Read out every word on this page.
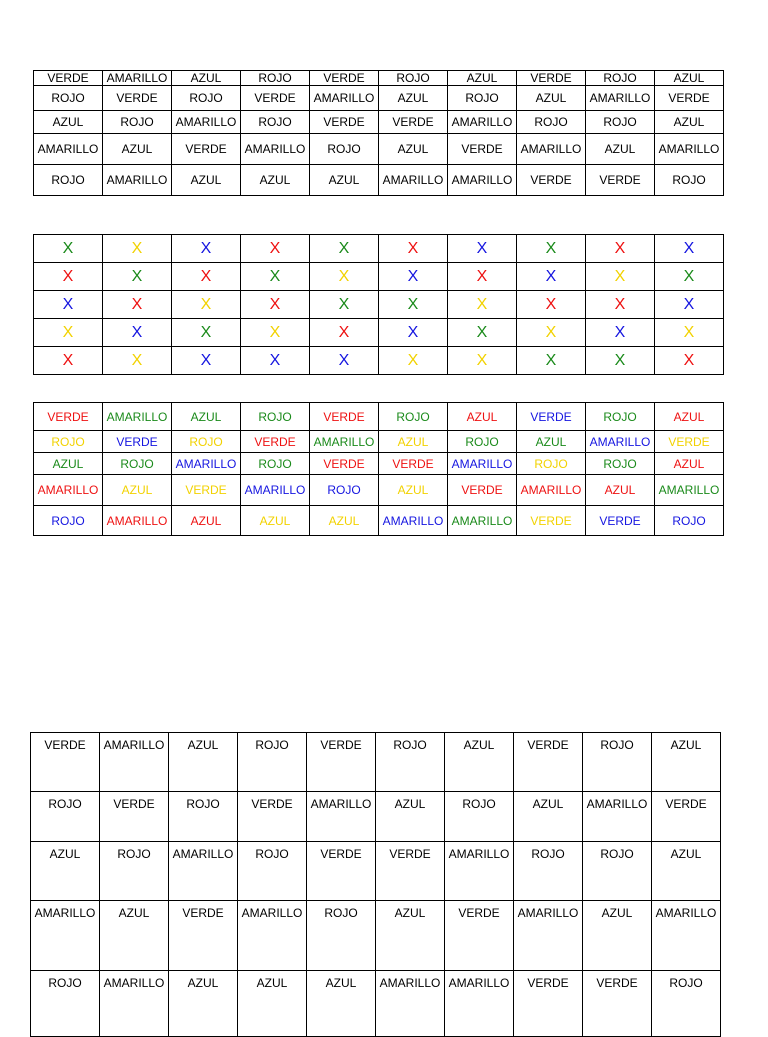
VERDE	AMARILLO	AZUL	ROJO	VERDE	ROJO	AZUL	VERDE	ROJO	AZUL
ROJO	VERDE	ROJO	VERDE	AMARILLO	AZUL	ROJO	AZUL	AMARILLO	VERDE
AZUL	ROJO	AMARILLO	ROJO	VERDE	VERDE	AMARILLO	ROJO	ROJO	AZUL
AMARILLO	AZUL	VERDE	AMARILLO	ROJO	AZUL	VERDE	AMARILLO	AZUL	AMARILLO
ROJO	AMARILLO	AZUL	AZUL	AZUL	AMARILLO	AMARILLO	VERDE	VERDE	ROJO
X	X	X	X	X	X	X	X	X	X
X	X	X	X	X	X	X	X	X	X
X	X	X	X	X	X	X	X	X	X
X	X	X	X	X	X	X	X	X	X
X	X	X	X	X	X	X	X	X	X
VERDE	AMARILLO	AZUL	ROJO	VERDE	ROJO	AZUL	VERDE	ROJO	AZUL
ROJO	VERDE	ROJO	VERDE	AMARILLO	AZUL	ROJO	AZUL	AMARILLO	VERDE
AZUL	ROJO	AMARILLO	ROJO	VERDE	VERDE	AMARILLO	ROJO	ROJO	AZUL
AMARILLO	AZUL	VERDE	AMARILLO	ROJO	AZUL	VERDE	AMARILLO	AZUL	AMARILLO
ROJO	AMARILLO	AZUL	AZUL	AZUL	AMARILLO	AMARILLO	VERDE	VERDE	ROJO
VERDE	AMARILLO	AZUL	ROJO	VERDE	ROJO	AZUL	VERDE	ROJO	AZUL
ROJO	VERDE	ROJO	VERDE	AMARILLO	AZUL	ROJO	AZUL	AMARILLO	VERDE
AZUL	ROJO	AMARILLO	ROJO	VERDE	VERDE	AMARILLO	ROJO	ROJO	AZUL
AMARILLO	AZUL	VERDE	AMARILLO	ROJO	AZUL	VERDE	AMARILLO	AZUL	AMARILLO
ROJO	AMARILLO	AZUL	AZUL	AZUL	AMARILLO	AMARILLO	VERDE	VERDE	ROJO
